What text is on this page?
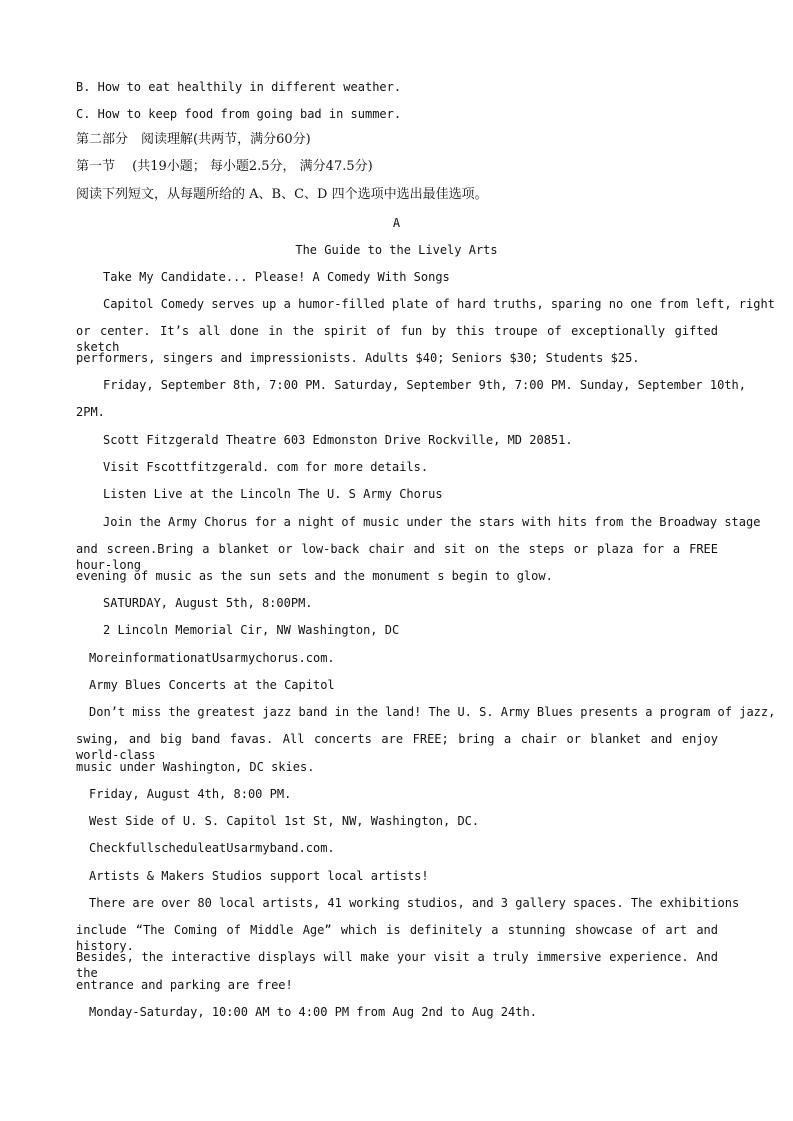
B. How to eat healthily in different weather.
C. How to keep food from going bad in summer.
第二部分　阅读理解(共两节，满分60分)
第一节　 (共19小题； 每小题2.5分， 满分47.5分)
阅读下列短文，从每题所给的 A、B、C、D 四个选项中选出最佳选项。
A
The Guide to the Lively Arts
Take My Candidate... Please! A Comedy With Songs
Capitol Comedy serves up a humor-filled plate of hard truths, sparing no one from left, right
or center. It’s all done in the spirit of fun by this troupe of exceptionally gifted sketch
performers, singers and impressionists. Adults $40; Seniors $30; Students $25.
Friday, September 8th, 7:00 PM. Saturday, September 9th, 7:00 PM. Sunday, September 10th,
2PM.
Scott Fitzgerald Theatre 603 Edmonston Drive Rockville, MD 20851.
Visit Fscottfitzgerald. com for more details.
Listen Live at the Lincoln The U. S Army Chorus
Join the Army Chorus for a night of music under the stars with hits from the Broadway stage
and screen.Bring a blanket or low-back chair and sit on the steps or plaza for a FREE hour-long
evening of music as the sun sets and the monument s begin to glow.
SATURDAY, August 5th, 8:00PM.
2 Lincoln Memorial Cir, NW Washington, DC
MoreinformationatUsarmychorus.com.
Army Blues Concerts at the Capitol
Don’t miss the greatest jazz band in the land! The U. S. Army Blues presents a program of jazz,
swing, and big band favas. All concerts are FREE; bring a chair or blanket and enjoy world-class
music under Washington, DC skies.
Friday, August 4th, 8:00 PM.
West Side of U. S. Capitol 1st St, NW, Washington, DC.
CheckfullscheduleatUsarmyband.com.
Artists & Makers Studios support local artists!
There are over 80 local artists, 41 working studios, and 3 gallery spaces. The exhibitions
include “The Coming of Middle Age” which is definitely a stunning showcase of art and history.
Besides, the interactive displays will make your visit a truly immersive experience. And the
entrance and parking are free!
Monday-Saturday, 10:00 AM to 4:00 PM from Aug 2nd to Aug 24th.
